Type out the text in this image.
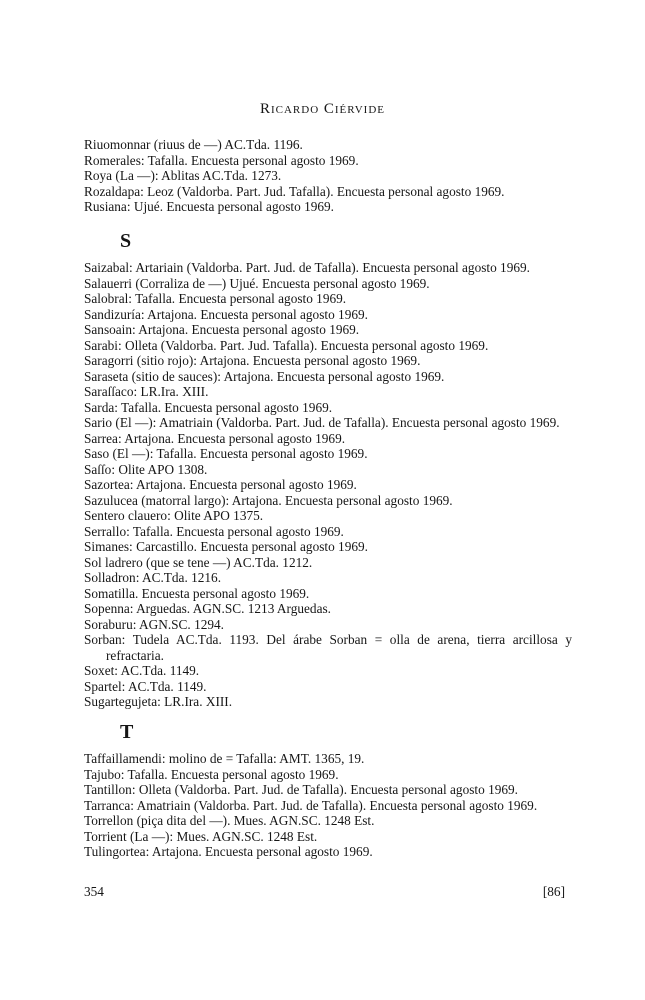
Ricardo Ciérvide

Riuomonnar (riuus de —) AC.Tda. 1196.

Romerales: Tafalla. Encuesta personal agosto 1969.

Roya (La —): Ablitas AC.Tda. 1273.

Rozaldapa: Leoz (Valdorba. Part. Jud. Tafalla). Encuesta personal agosto 1969.

Rusiana: Ujué. Encuesta personal agosto 1969.

S

Saizabal: Artariain (Valdorba. Part. Jud. de Tafalla). Encuesta personal agosto 1969.

Salauerri (Corraliza de —) Ujué. Encuesta personal agosto 1969.

Salobral: Tafalla. Encuesta personal agosto 1969.

Sandizuría: Artajona. Encuesta personal agosto 1969.

Sansoain: Artajona. Encuesta personal agosto 1969.

Sarabi: Olleta (Valdorba. Part. Jud. Tafalla). Encuesta personal agosto 1969.

Saragorri (sitio rojo): Artajona. Encuesta personal agosto 1969.

Saraseta (sitio de sauces): Artajona. Encuesta personal agosto 1969.

Saraſſaco: LR.Ira. XIII.

Sarda: Tafalla. Encuesta personal agosto 1969.

Sario (El —): Amatriain (Valdorba. Part. Jud. de Tafalla). Encuesta personal agosto 1969.

Sarrea: Artajona. Encuesta personal agosto 1969.

Saso (El —): Tafalla. Encuesta personal agosto 1969.

Saſſo: Olite APO 1308.

Sazortea: Artajona. Encuesta personal agosto 1969.

Sazulucea (matorral largo): Artajona. Encuesta personal agosto 1969.

Sentero clauero: Olite APO 1375.

Serrallo: Tafalla. Encuesta personal agosto 1969.

Simanes: Carcastillo. Encuesta personal agosto 1969.

Sol ladrero (que se tene —) AC.Tda. 1212.

Solladron: AC.Tda. 1216.

Somatilla. Encuesta personal agosto 1969.

Sopenna: Arguedas. AGN.SC. 1213 Arguedas.

Soraburu: AGN.SC. 1294.

Sorban: Tudela AC.Tda. 1193. Del árabe Sorban = olla de arena, tierra arcillosa y refractaria.

Soxet: AC.Tda. 1149.

Spartel: AC.Tda. 1149.

Sugartegujeta: LR.Ira. XIII.

T

Taffaillamendi: molino de = Tafalla: AMT. 1365, 19.

Tajubo: Tafalla. Encuesta personal agosto 1969.

Tantillon: Olleta (Valdorba. Part. Jud. de Tafalla). Encuesta personal agosto 1969.

Tarranca: Amatriain (Valdorba. Part. Jud. de Tafalla). Encuesta personal agosto 1969.

Torrellon (piça dita del —). Mues. AGN.SC. 1248 Est.

Torrient (La —): Mues. AGN.SC. 1248 Est.

Tulingortea: Artajona. Encuesta personal agosto 1969.

354	[86]
